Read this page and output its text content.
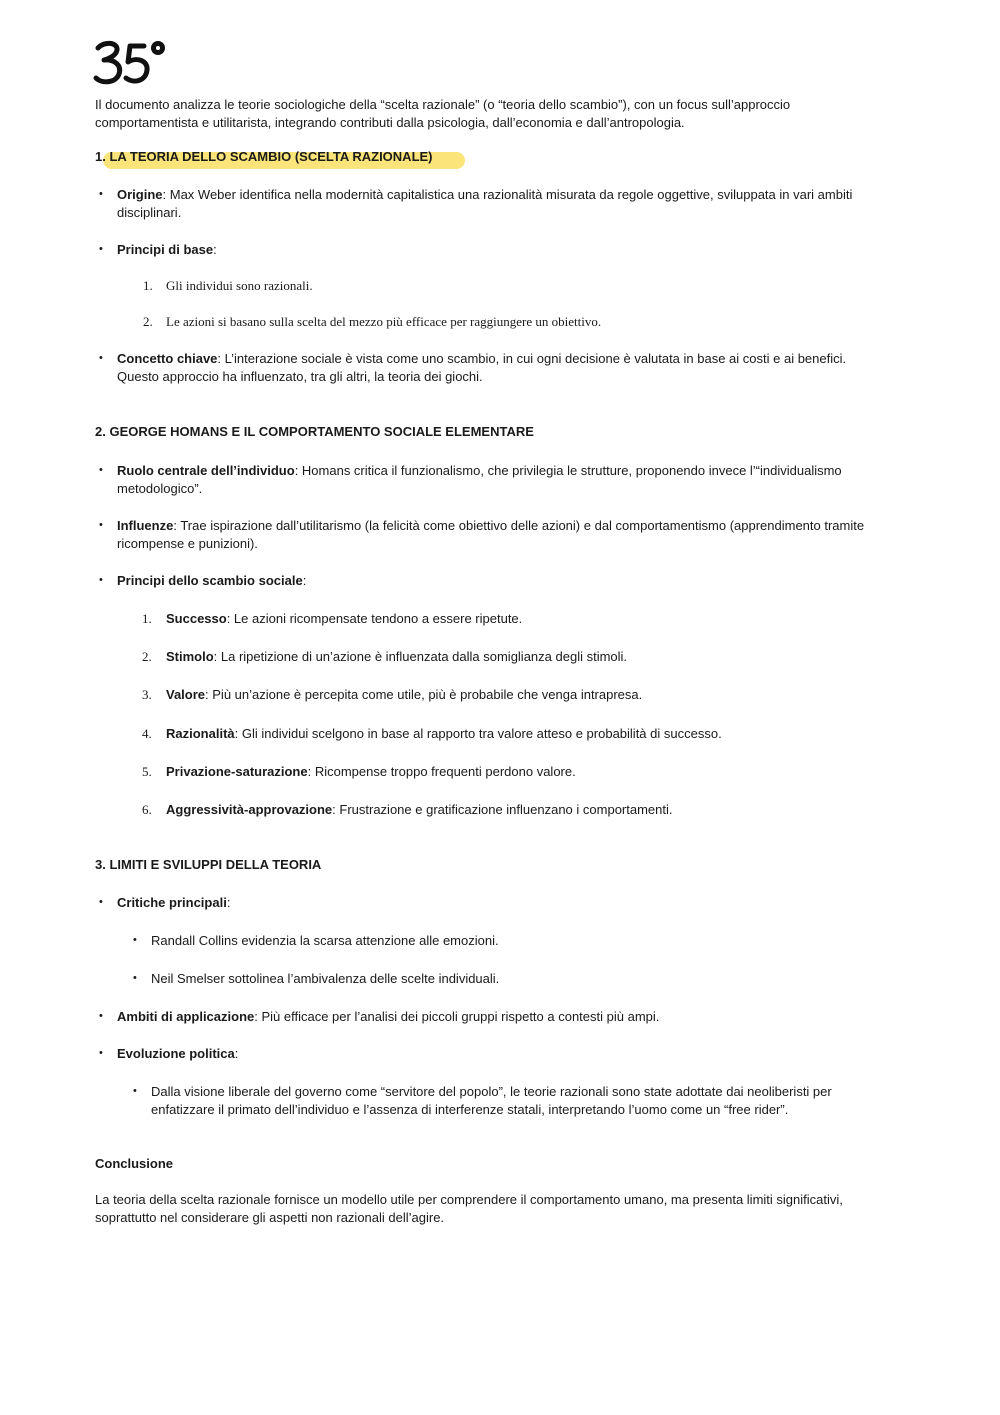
Il documento analizza le teorie sociologiche della “scelta razionale” (o “teoria dello scambio”), con un focus sull’approccio comportamentista e utilitarista, integrando contributi dalla psicologia, dall’economia e dall’antropologia.
1. LA TEORIA DELLO SCAMBIO (SCELTA RAZIONALE)
• Origine: Max Weber identifica nella modernità capitalistica una razionalità misurata da regole oggettive, sviluppata in vari ambiti disciplinari.
• Principi di base:
1. Gli individui sono razionali.
2. Le azioni si basano sulla scelta del mezzo più efficace per raggiungere un obiettivo.
• Concetto chiave: L’interazione sociale è vista come uno scambio, in cui ogni decisione è valutata in base ai costi e ai benefici. Questo approccio ha influenzato, tra gli altri, la teoria dei giochi.
2. GEORGE HOMANS E IL COMPORTAMENTO SOCIALE ELEMENTARE
• Ruolo centrale dell’individuo: Homans critica il funzionalismo, che privilegia le strutture, proponendo invece l’“individualismo metodologico”.
• Influenze: Trae ispirazione dall’utilitarismo (la felicità come obiettivo delle azioni) e dal comportamentismo (apprendimento tramite ricompense e punizioni).
• Principi dello scambio sociale:
1. Successo: Le azioni ricompensate tendono a essere ripetute.
2. Stimolo: La ripetizione di un’azione è influenzata dalla somiglianza degli stimoli.
3. Valore: Più un’azione è percepita come utile, più è probabile che venga intrapresa.
4. Razionalità: Gli individui scelgono in base al rapporto tra valore atteso e probabilità di successo.
5. Privazione-saturazione: Ricompense troppo frequenti perdono valore.
6. Aggressività-approvazione: Frustrazione e gratificazione influenzano i comportamenti.
3. LIMITI E SVILUPPI DELLA TEORIA
• Critiche principali:
• Randall Collins evidenzia la scarsa attenzione alle emozioni.
• Neil Smelser sottolinea l’ambivalenza delle scelte individuali.
• Ambiti di applicazione: Più efficace per l’analisi dei piccoli gruppi rispetto a contesti più ampi.
• Evoluzione politica:
• Dalla visione liberale del governo come “servitore del popolo”, le teorie razionali sono state adottate dai neoliberisti per enfatizzare il primato dell’individuo e l’assenza di interferenze statali, interpretando l’uomo come un “free rider”.
Conclusione
La teoria della scelta razionale fornisce un modello utile per comprendere il comportamento umano, ma presenta limiti significativi, soprattutto nel considerare gli aspetti non razionali dell’agire.
